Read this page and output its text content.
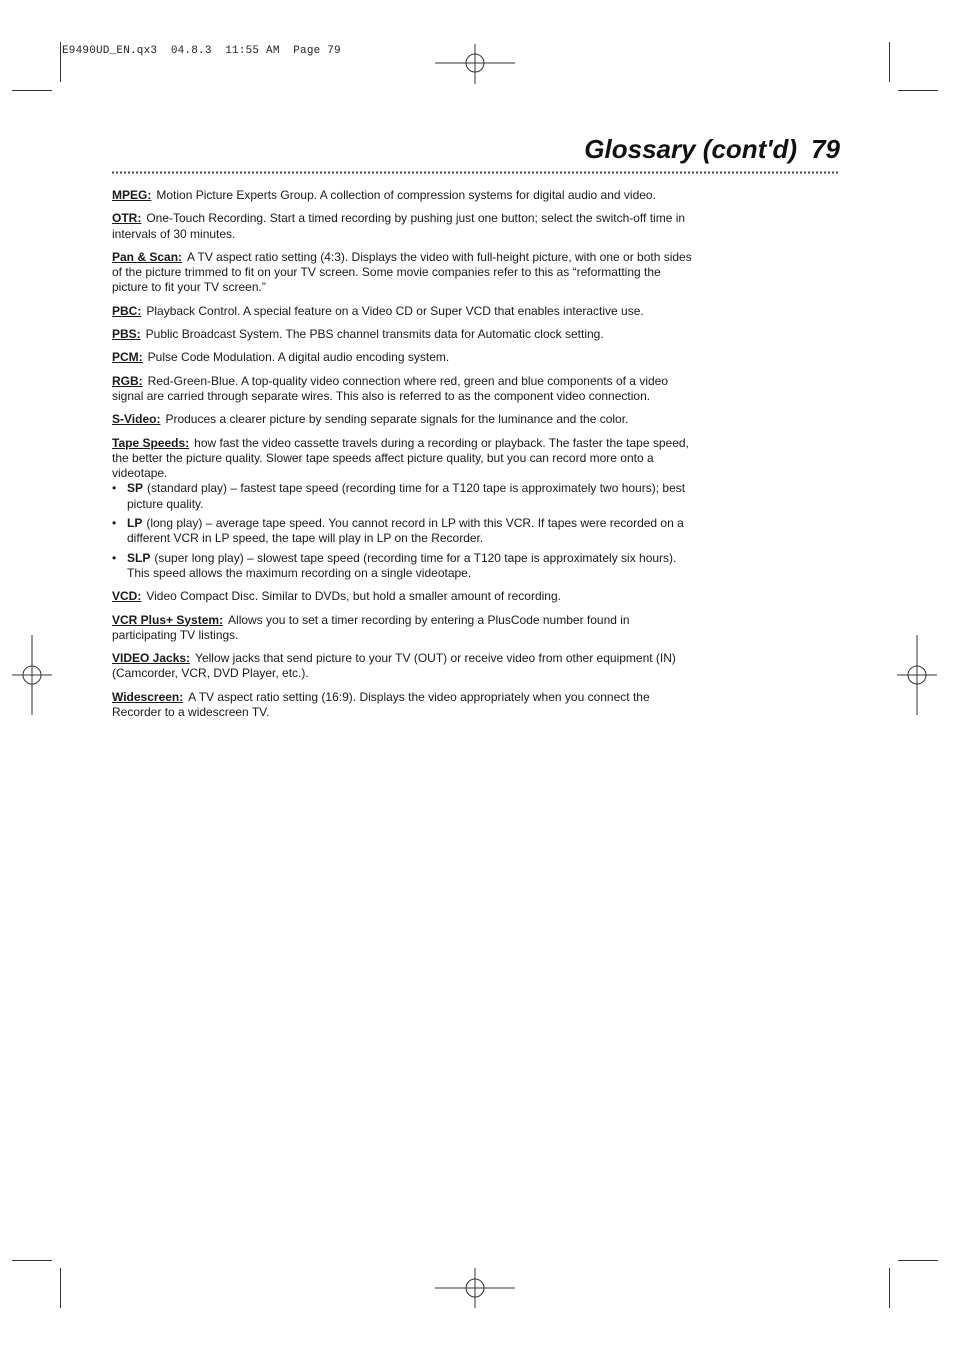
E9490UD_EN.qx3  04.8.3  11:55 AM  Page 79
Glossary (cont'd) 79

MPEG: Motion Picture Experts Group. A collection of compression systems for digital audio and video.

OTR: One-Touch Recording. Start a timed recording by pushing just one button; select the switch-off time in intervals of 30 minutes.

Pan & Scan: A TV aspect ratio setting (4:3). Displays the video with full-height picture, with one or both sides of the picture trimmed to fit on your TV screen. Some movie companies refer to this as “reformatting the picture to fit your TV screen.”

PBC: Playback Control. A special feature on a Video CD or Super VCD that enables interactive use.

PBS: Public Broadcast System. The PBS channel transmits data for Automatic clock setting.

PCM: Pulse Code Modulation. A digital audio encoding system.

RGB: Red-Green-Blue. A top-quality video connection where red, green and blue components of a video signal are carried through separate wires. This also is referred to as the component video connection.

S-Video: Produces a clearer picture by sending separate signals for the luminance and the color.

Tape Speeds: how fast the video cassette travels during a recording or playback. The faster the tape speed, the better the picture quality. Slower tape speeds affect picture quality, but you can record more onto a videotape.

• SP (standard play) – fastest tape speed (recording time for a T120 tape is approximately two hours); best picture quality.
• LP (long play) – average tape speed. You cannot record in LP with this VCR. If tapes were recorded on a different VCR in LP speed, the tape will play in LP on the Recorder.
• SLP (super long play) – slowest tape speed (recording time for a T120 tape is approximately six hours). This speed allows the maximum recording on a single videotape.

VCD: Video Compact Disc. Similar to DVDs, but hold a smaller amount of recording.

VCR Plus+ System: Allows you to set a timer recording by entering a PlusCode number found in participating TV listings.

VIDEO Jacks: Yellow jacks that send picture to your TV (OUT) or receive video from other equipment (IN) (Camcorder, VCR, DVD Player, etc.).

Widescreen: A TV aspect ratio setting (16:9). Displays the video appropriately when you connect the Recorder to a widescreen TV.
